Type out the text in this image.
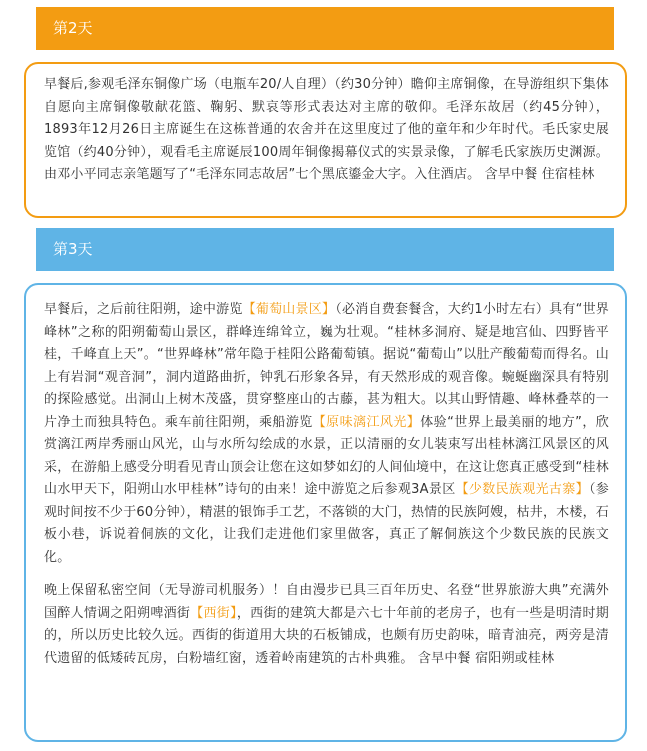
第2天

早餐后,参观毛泽东铜像广场（电瓶车20/人自理）（约30分钟）瞻仰主席铜像，在导游组织下集体自愿向主席铜像敬献花篮、鞠躬、默哀等形式表达对主席的敬仰。毛泽东故居（约45分钟），1893年12月26日主席诞生在这栋普通的农舍并在这里度过了他的童年和少年时代。毛氏家史展览馆（约40分钟），观看毛主席诞辰100周年铜像揭幕仪式的实景录像，了解毛氏家族历史渊源。由邓小平同志亲笔题写了“毛泽东同志故居”七个黑底鎏金大字。入住酒店。 含早中餐 住宿桂林

第3天

早餐后，之后前往阳朔，途中游览【葡萄山景区】（必消自费套餐含，大约1小时左右）具有“世界峰林”之称的阳朔葡萄山景区，群峰连绵耸立，巍为壮观。“桂林多洞府、疑是地宫仙、四野皆平桂，千峰直上天”。“世界峰林”常年隐于桂阳公路葡萄镇。据说“葡萄山”以肚产酸葡萄而得名。山上有岩洞“观音洞”，洞内道路曲折，钟乳石形象各异，有天然形成的观音像。蜿蜒幽深具有特别的探险感觉。出洞山上树木茂盛，贯穿整座山的古藤，甚为粗大。以其山野情趣、峰林叠萃的一片净土而独具特色。乘车前往阳朔，乘船游览【原味漓江风光】体验“世界上最美丽的地方”，欣赏漓江两岸秀丽山风光，山与水所勾绘成的水景，正以清丽的女儿装束写出桂林漓江风景区的风采，在游船上感受分明看见青山顶会让您在这如梦如幻的人间仙境中，在这让您真正感受到“桂林山水甲天下，阳朔山水甲桂林”诗句的由来！途中游览之后参观3A景区【少数民族观光古寨】（参观时间按不少于60分钟），精湛的银饰手工艺，不落锁的大门，热情的民族阿嫂，枯井，木楼，石板小巷，诉说着侗族的文化，让我们走进他们家里做客，真正了解侗族这个少数民族的民族文化。

晚上保留私密空间（无导游司机服务）！自由漫步已具三百年历史、名登“世界旅游大典”充满外国醉人情调之阳朔啤酒街【西街】，西街的建筑大都是六七十年前的老房子，也有一些是明清时期的，所以历史比较久远。西街的街道用大块的石板铺成，也颇有历史韵味，暗青油亮，两旁是清代遗留的低矮砖瓦房，白粉墙红窗，透着岭南建筑的古朴典雅。 含早中餐 宿阳朔或桂林
